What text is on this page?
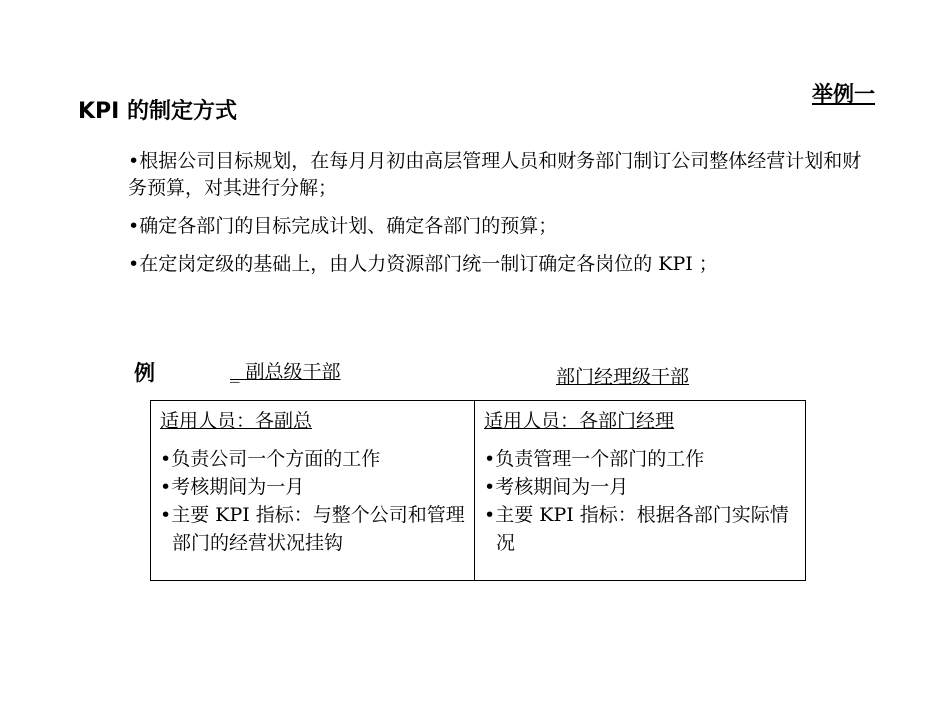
举例一
KPI 的制定方式
•根据公司目标规划，在每月月初由高层管理人员和财务部门制订公司整体经营计划和财务预算，对其进行分解；
•确定各部门的目标完成计划、确定各部门的预算；
•在定岗定级的基础上，由人力资源部门统一制订确定各岗位的 KPI ；
例	_ 副总级干部	部门经理级干部
适用人员：各副总
•负责公司一个方面的工作
•考核期间为一月
•主要 KPI 指标：与整个公司和管理部门的经营状况挂钩
适用人员：各部门经理
•负责管理一个部门的工作
•考核期间为一月
•主要 KPI 指标：根据各部门实际情况
